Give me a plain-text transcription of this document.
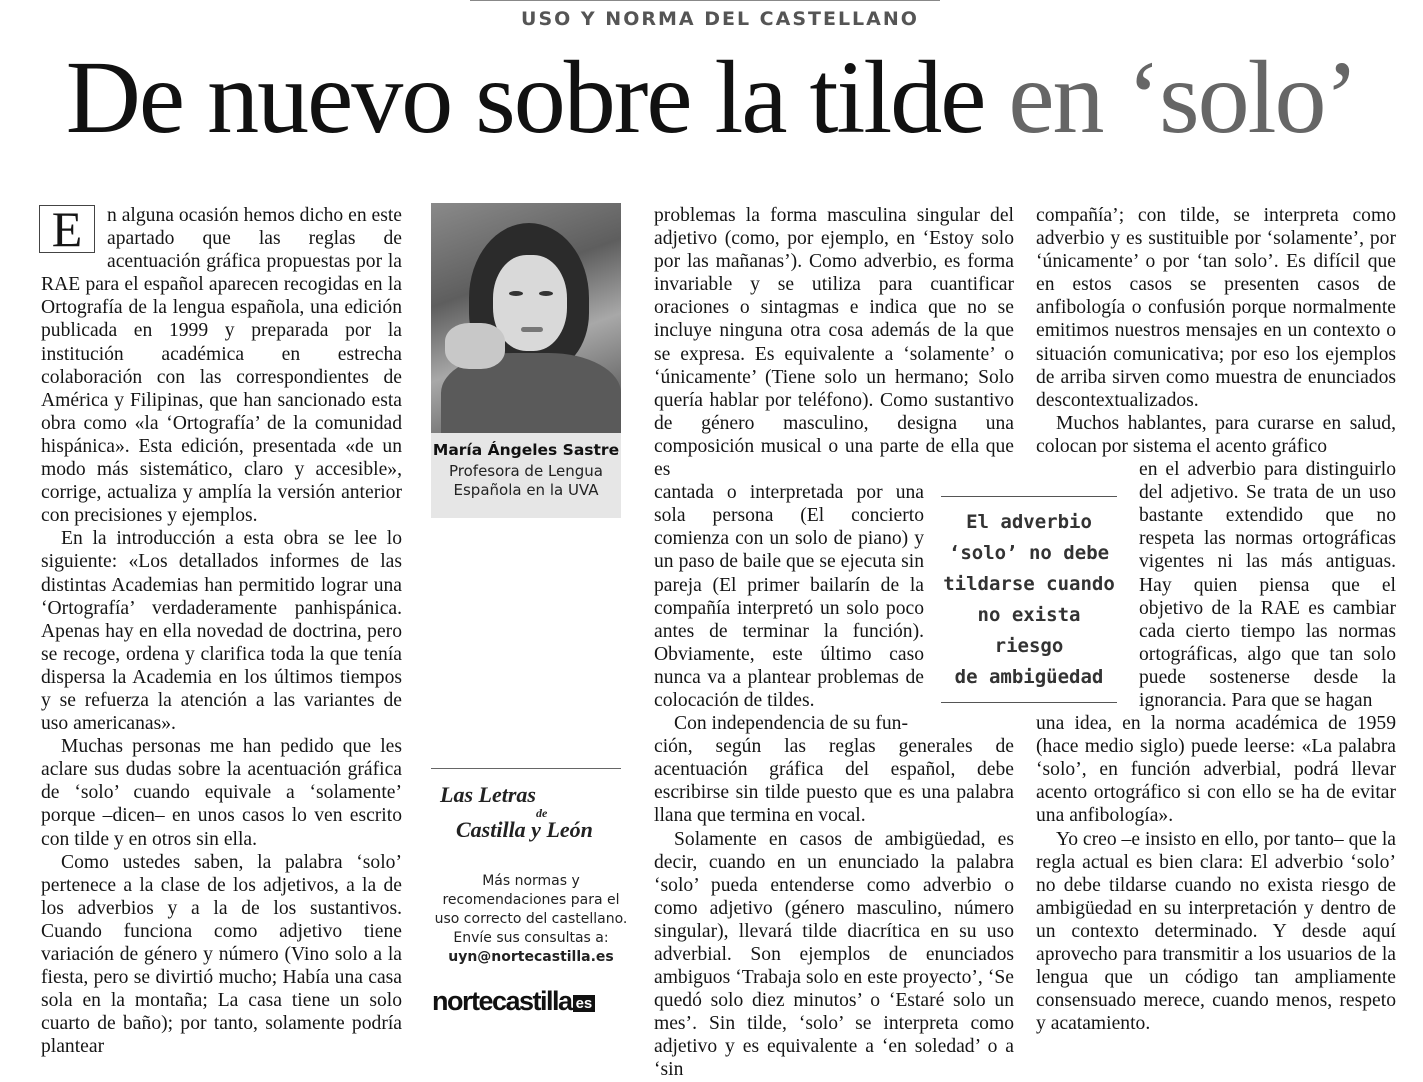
USO Y NORMA DEL CASTELLANO
De nuevo sobre la tilde en ‘solo’

E	n alguna ocasión hemos dicho en este apartado que las reglas de acentuación gráfica propuestas por la RAE para el español aparecen recogidas en la Ortografía de la lengua española, una edición publicada en 1999 y preparada por la institución académica en estrecha colaboración con las correspondientes de América y Filipinas, que han sancionado esta obra como «la ‘Ortografía’ de la comunidad hispánica». Esta edición, presentada «de un modo más sistemático, claro y accesible», corrige, actualiza y amplía la versión anterior con precisiones y ejemplos.

En la introducción a esta obra se lee lo siguiente: «Los detallados informes de las distintas Academias han permitido lograr una ‘Ortografía’ verdaderamente panhispánica. Apenas hay en ella novedad de doctrina, pero se recoge, ordena y clarifica toda la que tenía dispersa la Academia en los últimos tiempos y se refuerza la atención a las variantes de uso americanas».

Muchas personas me han pedido que les aclare sus dudas sobre la acentuación gráfica de ‘solo’ cuando equivale a ‘solamente’ porque –dicen– en unos casos lo ven escrito con tilde y en otros sin ella.

Como ustedes saben, la palabra ‘solo’ pertenece a la clase de los adjetivos, a la de los adverbios y a la de los sustantivos. Cuando funciona como adjetivo tiene variación de género y número (Vino solo a la fiesta, pero se divirtió mucho; Había una casa sola en la montaña; La casa tiene un solo cuarto de baño); por tanto, solamente podría plantear

María Ángeles Sastre
Profesora de Lengua
Española en la UVA
Las Letras
de
Castilla y León
Más normas y
recomendaciones para el
uso correcto del castellano.
Envíe sus consultas a:
uyn@nortecastilla.es
nortecastilla es

problemas la forma masculina singular del adjetivo (como, por ejemplo, en ‘Estoy solo por las mañanas’). Como adverbio, es forma invariable y se utiliza para cuantificar oraciones o sintagmas e indica que no se incluye ninguna otra cosa además de la que se expresa. Es equivalente a ‘solamente’ o ‘únicamente’ (Tiene solo un hermano; Solo quería hablar por teléfono). Como sustantivo de género masculino, designa una composición musical o una parte de ella que es

cantada o interpretada por una sola persona (El concierto comienza con un solo de piano) y un paso de baile que se ejecuta sin pareja (El primer bailarín de la compañía interpretó un solo poco antes de terminar la función). Obviamente, este último caso nunca va a plantear problemas de colocación de tildes.

Con independencia de su fun-

ción, según las reglas generales de acentuación gráfica del español, debe escribirse sin tilde puesto que es una palabra llana que termina en vocal.

Solamente en casos de ambigüedad, es decir, cuando en un enunciado la palabra ‘solo’ pueda entenderse como adverbio o como adjetivo (género masculino, número singular), llevará tilde diacrítica en su uso adverbial. Son ejemplos de enunciados ambiguos ‘Trabaja solo en este proyecto’, ‘Se quedó solo diez minutos’ o ‘Estaré solo un mes’. Sin tilde, ‘solo’ se interpreta como adjetivo y es equivalente a ‘en soledad’ o a ‘sin

El adverbio
‘solo’ no debe
tildarse cuando
no exista riesgo
de ambigüedad

compañía’; con tilde, se interpreta como adverbio y es sustituible por ‘solamente’, por ‘únicamente’ o por ‘tan solo’. Es difícil que en estos casos se presenten casos de anfibología o confusión porque normalmente emitimos nuestros mensajes en un contexto o situación comunicativa; por eso los ejemplos de arriba sirven como muestra de enunciados descontextualizados.

Muchos hablantes, para curarse en salud, colocan por sistema el acento gráfico

en el adverbio para distinguirlo del adjetivo. Se trata de un uso bastante extendido que no respeta las normas ortográficas vigentes ni las más antiguas. Hay quien piensa que el objetivo de la RAE es cambiar cada cierto tiempo las normas ortográficas, algo que tan solo puede sostenerse desde la ignorancia. Para que se hagan

una idea, en la norma académica de 1959 (hace medio siglo) puede leerse: «La palabra ‘solo’, en función adverbial, podrá llevar acento ortográfico si con ello se ha de evitar una anfibología».

Yo creo –e insisto en ello, por tanto– que la regla actual es bien clara: El adverbio ‘solo’ no debe tildarse cuando no exista riesgo de ambigüedad en su interpretación y dentro de un contexto determinado. Y desde aquí aprovecho para transmitir a los usuarios de la lengua que un código tan ampliamente consensuado merece, cuando menos, respeto y acatamiento.
